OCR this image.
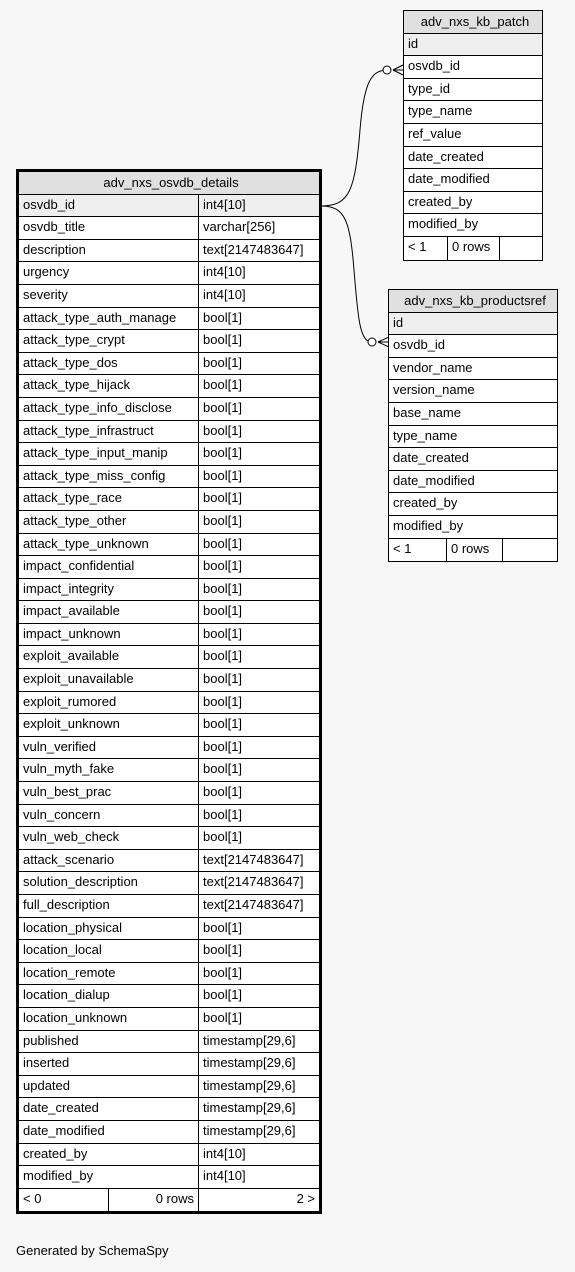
adv_nxs_kb_patch
id
osvdb_id
type_id
type_name
ref_value
date_created
date_modified
created_by
modified_by
< 1	0 rows
adv_nxs_kb_productsref
id
osvdb_id
vendor_name
version_name
base_name
type_name
date_created
date_modified
created_by
modified_by
< 1	0 rows
adv_nxs_osvdb_details
osvdb_id	int4[10]
osvdb_title	varchar[256]
description	text[2147483647]
urgency	int4[10]
severity	int4[10]
attack_type_auth_manage	bool[1]
attack_type_crypt	bool[1]
attack_type_dos	bool[1]
attack_type_hijack	bool[1]
attack_type_info_disclose	bool[1]
attack_type_infrastruct	bool[1]
attack_type_input_manip	bool[1]
attack_type_miss_config	bool[1]
attack_type_race	bool[1]
attack_type_other	bool[1]
attack_type_unknown	bool[1]
impact_confidential	bool[1]
impact_integrity	bool[1]
impact_available	bool[1]
impact_unknown	bool[1]
exploit_available	bool[1]
exploit_unavailable	bool[1]
exploit_rumored	bool[1]
exploit_unknown	bool[1]
vuln_verified	bool[1]
vuln_myth_fake	bool[1]
vuln_best_prac	bool[1]
vuln_concern	bool[1]
vuln_web_check	bool[1]
attack_scenario	text[2147483647]
solution_description	text[2147483647]
full_description	text[2147483647]
location_physical	bool[1]
location_local	bool[1]
location_remote	bool[1]
location_dialup	bool[1]
location_unknown	bool[1]
published	timestamp[29,6]
inserted	timestamp[29,6]
updated	timestamp[29,6]
date_created	timestamp[29,6]
date_modified	timestamp[29,6]
created_by	int4[10]
modified_by	int4[10]
< 0	0 rows	2 >
Generated by SchemaSpy
